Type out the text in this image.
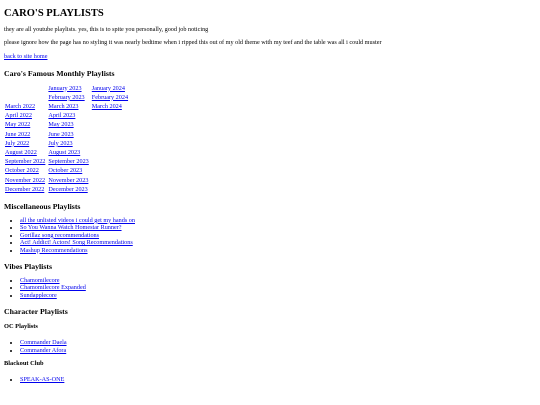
CARO'S PLAYLISTS

they are all youtube playlists. yes, this is to spite you personally, good job noticing

please ignore how the page has no styling it was nearly bedtime when i ripped this out of my old theme with my teef and the table was all i could muster

back to site home

Caro's Famous Monthly Playlists
	January 2023	January 2024
	February 2023	February 2024
March 2022	March 2023	March 2024
April 2022	April 2023	
May 2022	May 2023	
June 2022	June 2023	
July 2022	July 2023	
August 2022	August 2023	
September 2022	September 2023	
October 2022	October 2023	
November 2022	November 2023	
December 2022	December 2023	
Miscellaneous Playlists
• all the unlisted videos i could get my hands on
• So You Wanna Watch Homestar Runner?
• Gorillaz song recommendations
• Act! Addict! Actors! Song Recommendations
• Mashup Recommendations
Vibes Playlists
• Chamomilecore
• Chamomilecore Expanded
• Sundapplecore
Character Playlists
OC Playlists
• Commander Daela
• Commander Afora
Blackout Club
• SPEAK-AS-ONE
